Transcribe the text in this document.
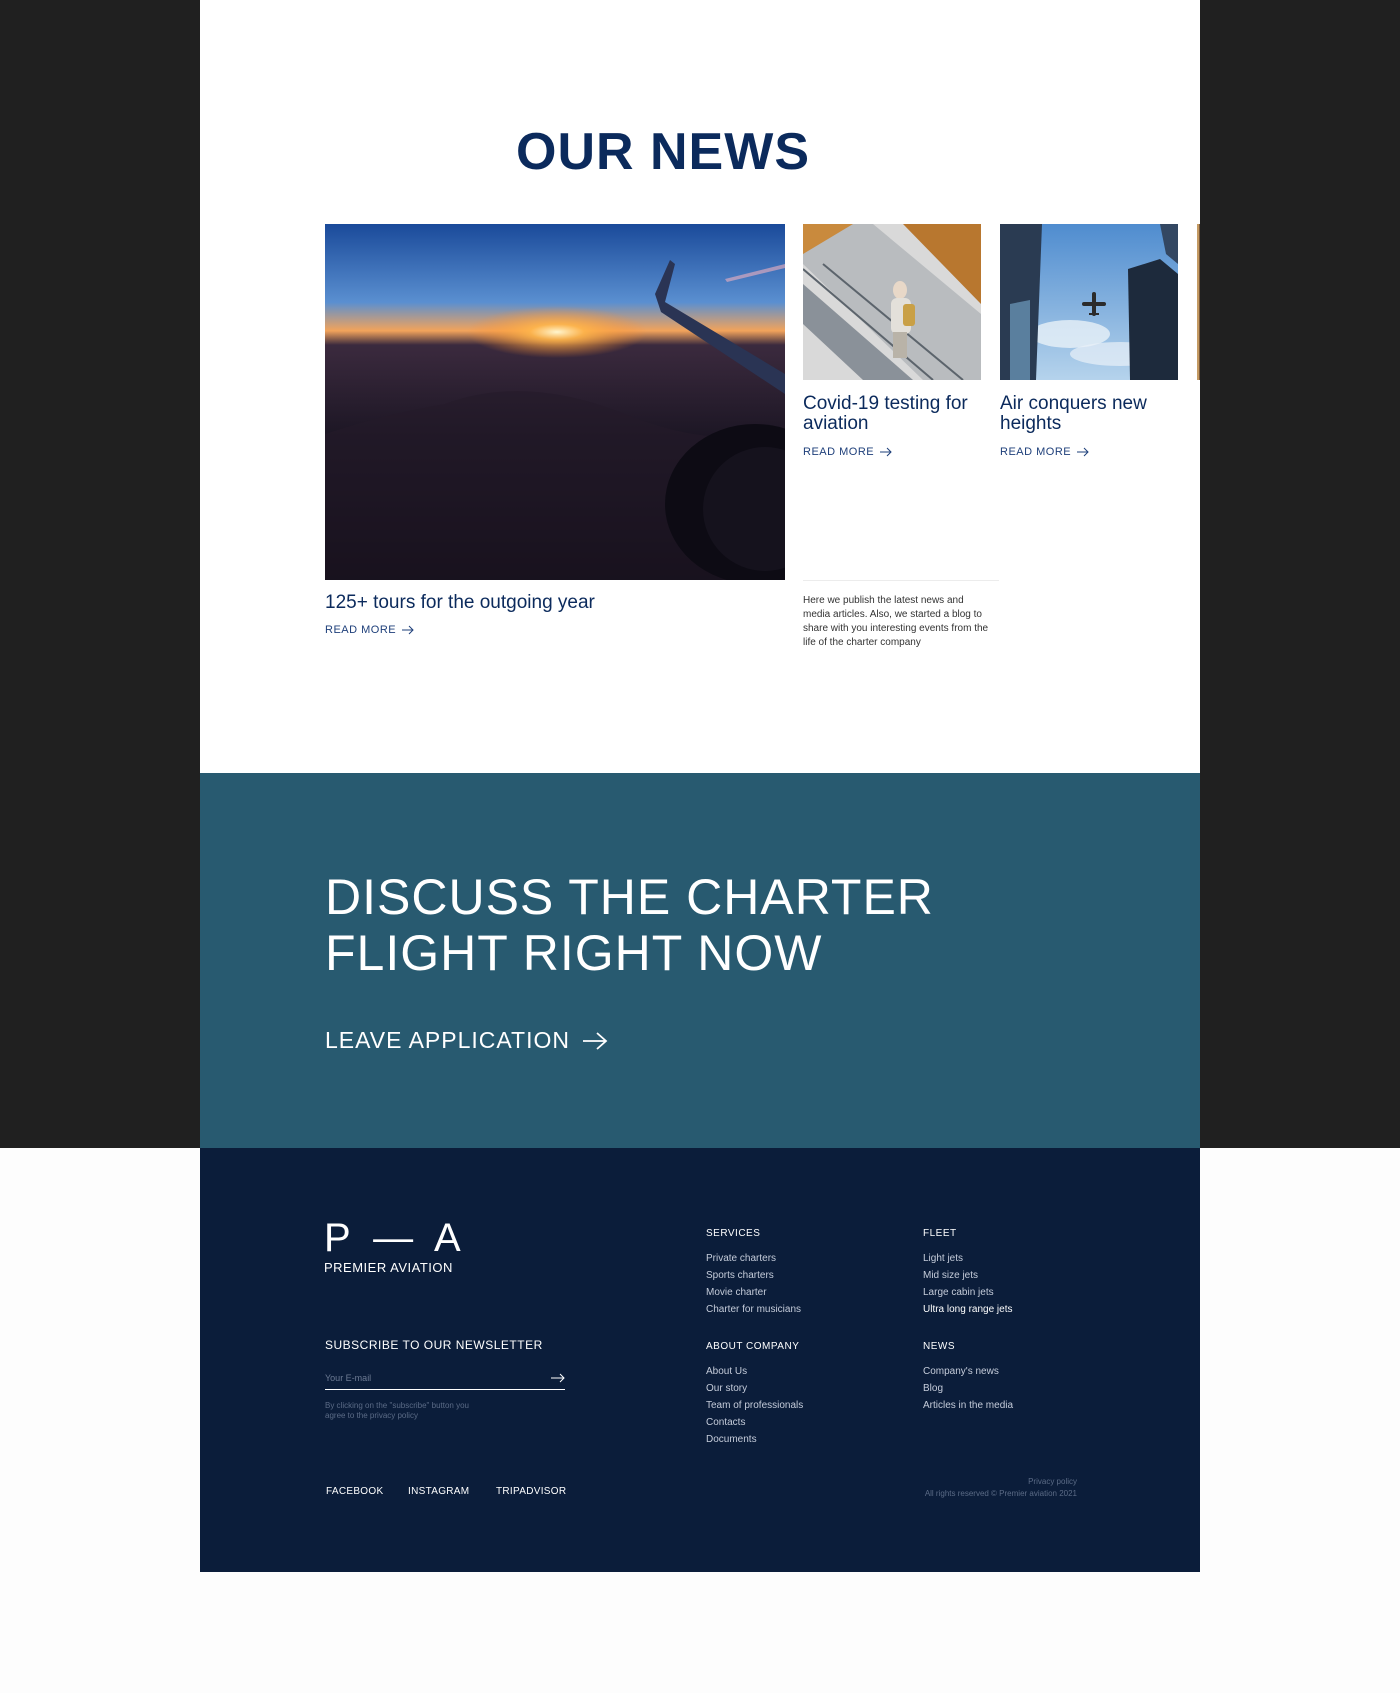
OUR NEWS
125+ tours for the outgoing year
READ MORE
Covid-19 testing for aviation
READ MORE
Air conquers new heights
READ MORE

Here we publish the latest news and media articles. Also, we started a blog to share with you interesting events from the life of the charter company

DISCUSS THE CHARTER FLIGHT RIGHT NOW
LEAVE APPLICATION
P — A
PREMIER AVIATION
SUBSCRIBE TO OUR NEWSLETTER
Your E-mail

By clicking on the "subscribe" button you agree to the privacy policy

SERVICES
Private charters
Sports charters
Movie charter
Charter for musicians
FLEET
Light jets
Mid size jets
Large cabin jets
Ultra long range jets
ABOUT COMPANY
About Us
Our story
Team of professionals
Contacts
Documents
NEWS
Company's news
Blog
Articles in the media
FACEBOOK INSTAGRAM	TRIPADVISOR
Privacy policy
All rights reserved © Premier aviation 2021
